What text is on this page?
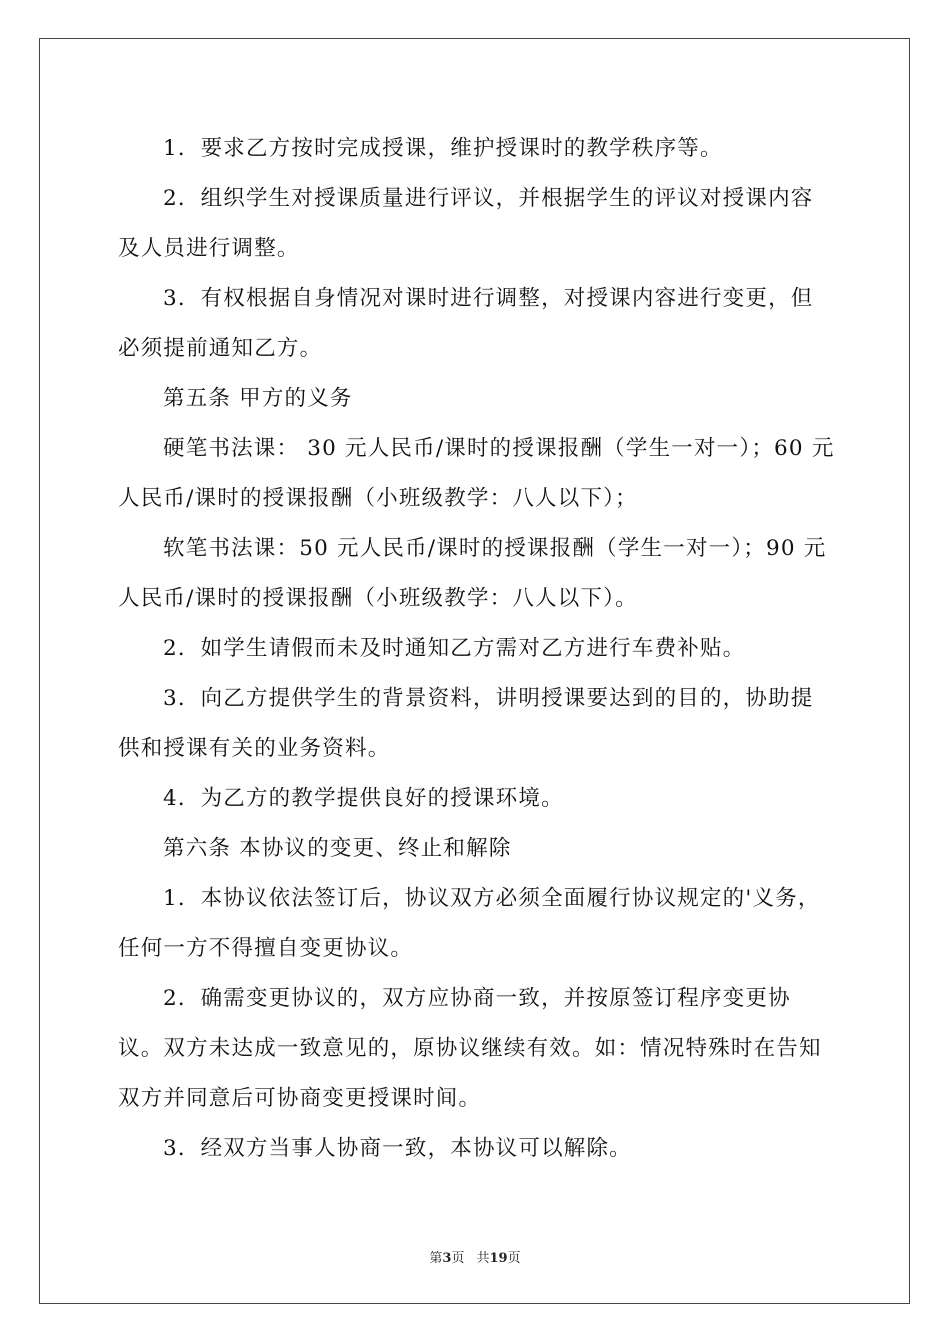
1．要求乙方按时完成授课，维护授课时的教学秩序等。

2．组织学生对授课质量进行评议，并根据学生的评议对授课内容及人员进行调整。

3．有权根据自身情况对课时进行调整，对授课内容进行变更，但必须提前通知乙方。

第五条 甲方的义务

硬笔书法课： 30 元人民币/课时的授课报酬（学生一对一）；60 元人民币/课时的授课报酬（小班级教学：八人以下）；

软笔书法课：50 元人民币/课时的授课报酬（学生一对一）；90 元人民币/课时的授课报酬（小班级教学：八人以下）。

2．如学生请假而未及时通知乙方需对乙方进行车费补贴。

3．向乙方提供学生的背景资料，讲明授课要达到的目的，协助提供和授课有关的业务资料。

4．为乙方的教学提供良好的授课环境。

第六条 本协议的变更、终止和解除

1．本协议依法签订后，协议双方必须全面履行协议规定的'义务，任何一方不得擅自变更协议。

2．确需变更协议的，双方应协商一致，并按原签订程序变更协议。双方未达成一致意见的，原协议继续有效。如：情况特殊时在告知双方并同意后可协商变更授课时间。

3．经双方当事人协商一致，本协议可以解除。

第3页 共19页
